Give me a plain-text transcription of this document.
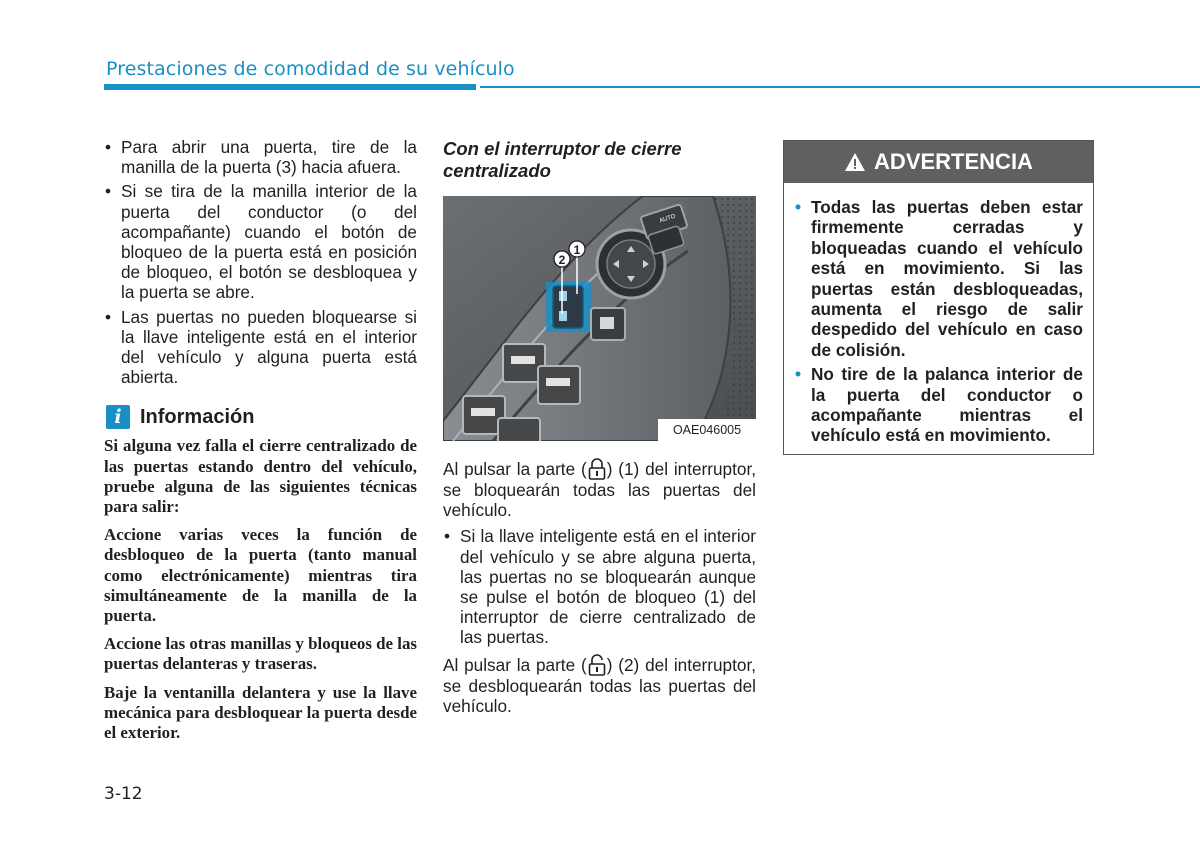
Prestaciones de comodidad de su vehículo
• Para abrir una puerta, tire de la manilla de la puerta (3) hacia afuera.
• Si se tira de la manilla interior de la puerta del conductor (o del acompañante) cuando el botón de bloqueo de la puerta está en posición de bloqueo, el botón se desbloquea y la puerta se abre.
• Las puertas no pueden bloquearse si la llave inteligente está en el interior del vehículo y alguna puerta está abierta.
i Información

Si alguna vez falla el cierre centralizado de las puertas estando dentro del vehículo, pruebe alguna de las siguientes técnicas para salir:

Accione varias veces la función de desbloqueo de la puerta (tanto manual como electrónicamente) mientras tira simultáneamente de la manilla de la puerta.

Accione las otras manillas y bloqueos de las puertas delanteras y traseras.

Baje la ventanilla delantera y use la llave mecánica para desbloquear la puerta desde el exterior.

3-12
Con el interruptor de cierre centralizado
1
2
AUTO
OAE046005

Al pulsar la parte ( ) (1) del interruptor, se bloquearán todas las puertas del vehículo.

• Si la llave inteligente está en el interior del vehículo y se abre alguna puerta, las puertas no se bloquearán aunque se pulse el botón de bloqueo (1) del interruptor de cierre centralizado de las puertas.

Al pulsar la parte ( ) (2) del interruptor, se desbloquearán todas las puertas del vehículo.

ADVERTENCIA
• Todas las puertas deben estar firmemente cerradas y bloqueadas cuando el vehículo está en movimiento. Si las puertas están desbloqueadas, aumenta el riesgo de salir despedido del vehículo en caso de colisión.
• No tire de la palanca interior de la puerta del conductor o acompañante mientras el vehículo está en movimiento.
